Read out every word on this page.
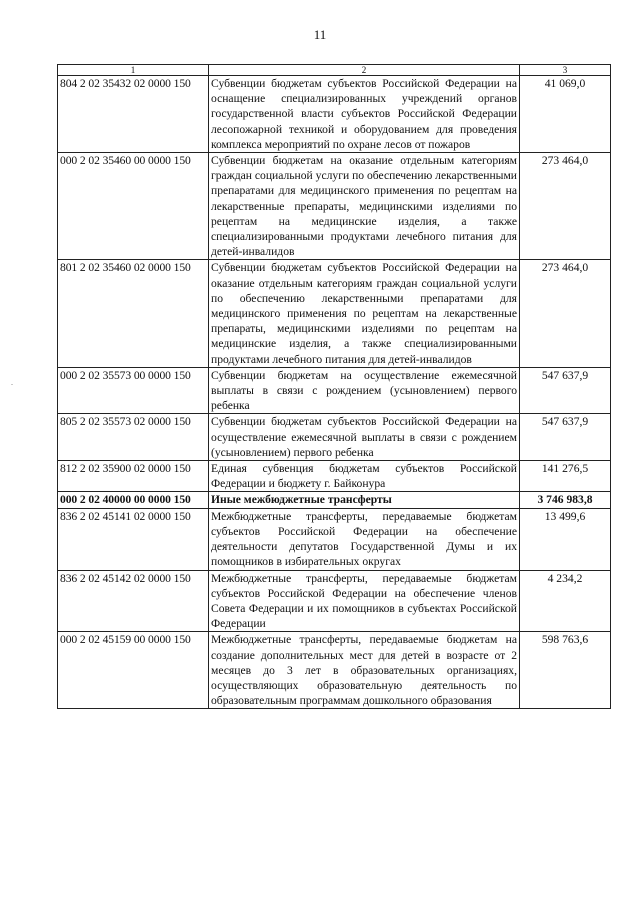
11
.
1	2	3
804 2 02 35432 02 0000 150	Субвенции бюджетам субъектов Российской Федерации на оснащение специализированных учреждений органов государственной власти субъектов Российской Федерации лесопожарной техникой и оборудованием для проведения комплекса мероприятий по охране лесов от пожаров	41 069,0
000 2 02 35460 00 0000 150	Субвенции бюджетам на оказание отдельным категориям граждан социальной услуги по обеспечению лекарственными препаратами для медицинского применения по рецептам на лекарственные препараты, медицинскими изделиями по рецептам на медицинские изделия, а также специализированными продуктами лечебного питания для детей-инвалидов	273 464,0
801 2 02 35460 02 0000 150	Субвенции бюджетам субъектов Российской Федерации на оказание отдельным категориям граждан социальной услуги по обеспечению лекарственными препаратами для медицинского применения по рецептам на лекарственные препараты, медицинскими изделиями по рецептам на медицинские изделия, а также специализированными продуктами лечебного питания для детей-инвалидов	273 464,0
000 2 02 35573 00 0000 150	Субвенции бюджетам на осуществление ежемесячной выплаты в связи с рождением (усыновлением) первого ребенка	547 637,9
805 2 02 35573 02 0000 150	Субвенции бюджетам субъектов Российской Федерации на осуществление ежемесячной выплаты в связи с рождением (усыновлением) первого ребенка	547 637,9
812 2 02 35900 02 0000 150	Единая субвенция бюджетам субъектов Российской Федерации и бюджету г. Байконура	141 276,5
000 2 02 40000 00 0000 150	Иные межбюджетные трансферты	3 746 983,8
836 2 02 45141 02 0000 150	Межбюджетные трансферты, передаваемые бюджетам субъектов Российской Федерации на обеспечение деятельности депутатов Государственной Думы и их помощников в избирательных округах	13 499,6
836 2 02 45142 02 0000 150	Межбюджетные трансферты, передаваемые бюджетам субъектов Российской Федерации на обеспечение членов Совета Федерации и их помощников в субъектах Российской Федерации	4 234,2
000 2 02 45159 00 0000 150	Межбюджетные трансферты, передаваемые бюджетам на создание дополнительных мест для детей в возрасте от 2 месяцев до 3 лет в образовательных организациях, осуществляющих образовательную деятельность по образовательным программам дошкольного образования	598 763,6
